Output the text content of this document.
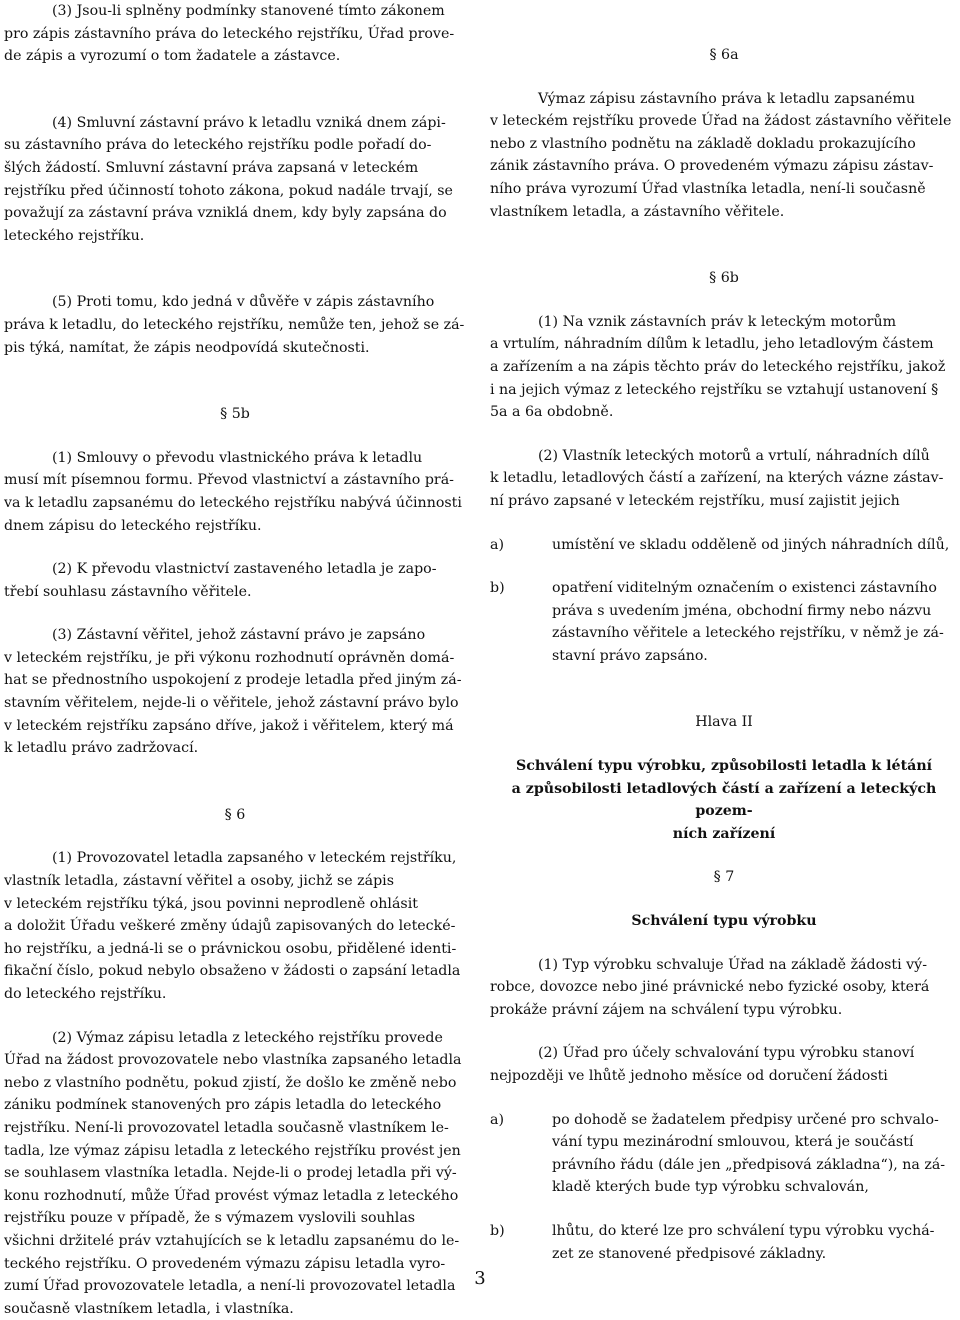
(3) Jsou-li splněny podmínky stanovené tímto zákonem
pro zápis zástavního práva do leteckého rejstříku, Úřad prove-
de zápis a vyrozumí o tom žadatele a zástavce.

(4) Smluvní zástavní právo k letadlu vzniká dnem zápi-
su zástavního práva do leteckého rejstříku podle pořadí do-
šlých žádostí. Smluvní zástavní práva zapsaná v leteckém
rejstříku před účinností tohoto zákona, pokud nadále trvají, se
považují za zástavní práva vzniklá dnem, kdy byly zapsána do
leteckého rejstříku.

(5) Proti tomu, kdo jedná v důvěře v zápis zástavního
práva k letadlu, do leteckého rejstříku, nemůže ten, jehož se zá-
pis týká, namítat, že zápis neodpovídá skutečnosti.

§ 5b

(1) Smlouvy o převodu vlastnického práva k letadlu
musí mít písemnou formu. Převod vlastnictví a zástavního prá-
va k letadlu zapsanému do leteckého rejstříku nabývá účinnosti
dnem zápisu do leteckého rejstříku.

(2) K převodu vlastnictví zastaveného letadla je zapo-
třebí souhlasu zástavního věřitele.

(3) Zástavní věřitel, jehož zástavní právo je zapsáno
v leteckém rejstříku, je při výkonu rozhodnutí oprávněn domá-
hat se přednostního uspokojení z prodeje letadla před jiným zá-
stavním věřitelem, nejde-li o věřitele, jehož zástavní právo bylo
v leteckém rejstříku zapsáno dříve, jakož i věřitelem, který má
k letadlu právo zadržovací.

§ 6

(1) Provozovatel letadla zapsaného v leteckém rejstříku,
vlastník letadla, zástavní věřitel a osoby, jichž se zápis
v leteckém rejstříku týká, jsou povinni neprodleně ohlásit
a doložit Úřadu veškeré změny údajů zapisovaných do letecké-
ho rejstříku, a jedná-li se o právnickou osobu, přidělené identi-
fikační číslo, pokud nebylo obsaženo v žádosti o zapsání letadla
do leteckého rejstříku.

(2) Výmaz zápisu letadla z leteckého rejstříku provede
Úřad na žádost provozovatele nebo vlastníka zapsaného letadla
nebo z vlastního podnětu, pokud zjistí, že došlo ke změně nebo
zániku podmínek stanovených pro zápis letadla do leteckého
rejstříku. Není-li provozovatel letadla současně vlastníkem le-
tadla, lze výmaz zápisu letadla z leteckého rejstříku provést jen
se souhlasem vlastníka letadla. Nejde-li o prodej letadla při vý-
konu rozhodnutí, může Úřad provést výmaz letadla z leteckého
rejstříku pouze v případě, že s výmazem vyslovili souhlas
všichni držitelé práv vztahujících se k letadlu zapsanému do le-
teckého rejstříku. O provedeném výmazu zápisu letadla vyro-
zumí Úřad provozovatele letadla, a není-li provozovatel letadla
současně vlastníkem letadla, i vlastníka.

§ 6a

Výmaz zápisu zástavního práva k letadlu zapsanému
v leteckém rejstříku provede Úřad na žádost zástavního věřitele
nebo z vlastního podnětu na základě dokladu prokazujícího
zánik zástavního práva. O provedeném výmazu zápisu zástav-
ního práva vyrozumí Úřad vlastníka letadla, není-li současně
vlastníkem letadla, a zástavního věřitele.

§ 6b

(1) Na vznik zástavních práv k leteckým motorům
a vrtulím, náhradním dílům k letadlu, jeho letadlovým částem
a zařízením a na zápis těchto práv do leteckého rejstříku, jakož
i na jejich výmaz z leteckého rejstříku se vztahují ustanovení §
5a a 6a obdobně.

(2) Vlastník leteckých motorů a vrtulí, náhradních dílů
k letadlu, letadlových částí a zařízení, na kterých vázne zástav-
ní právo zapsané v leteckém rejstříku, musí zajistit jejich

a)	umístění ve skladu odděleně od jiných náhradních dílů,
b)	opatření viditelným označením o existenci zástavního
práva s uvedením jména, obchodní firmy nebo názvu
zástavního věřitele a leteckého rejstříku, v němž je zá-
stavní právo zapsáno.

Hlava II

Schválení typu výrobku, způsobilosti letadla k létání
a způsobilosti letadlových částí a zařízení a leteckých pozem-
ních zařízení

§ 7

Schválení typu výrobku

(1) Typ výrobku schvaluje Úřad na základě žádosti vý-
robce, dovozce nebo jiné právnické nebo fyzické osoby, která
prokáže právní zájem na schválení typu výrobku.

(2) Úřad pro účely schvalování typu výrobku stanoví
nejpozději ve lhůtě jednoho měsíce od doručení žádosti

a)	po dohodě se žadatelem předpisy určené pro schvalo-
vání typu mezinárodní smlouvou, která je součástí
právního řádu (dále jen „předpisová základna“), na zá-
kladě kterých bude typ výrobku schvalován,
b)	lhůtu, do které lze pro schválení typu výrobku vychá-
zet ze stanovené předpisové základny.
3
